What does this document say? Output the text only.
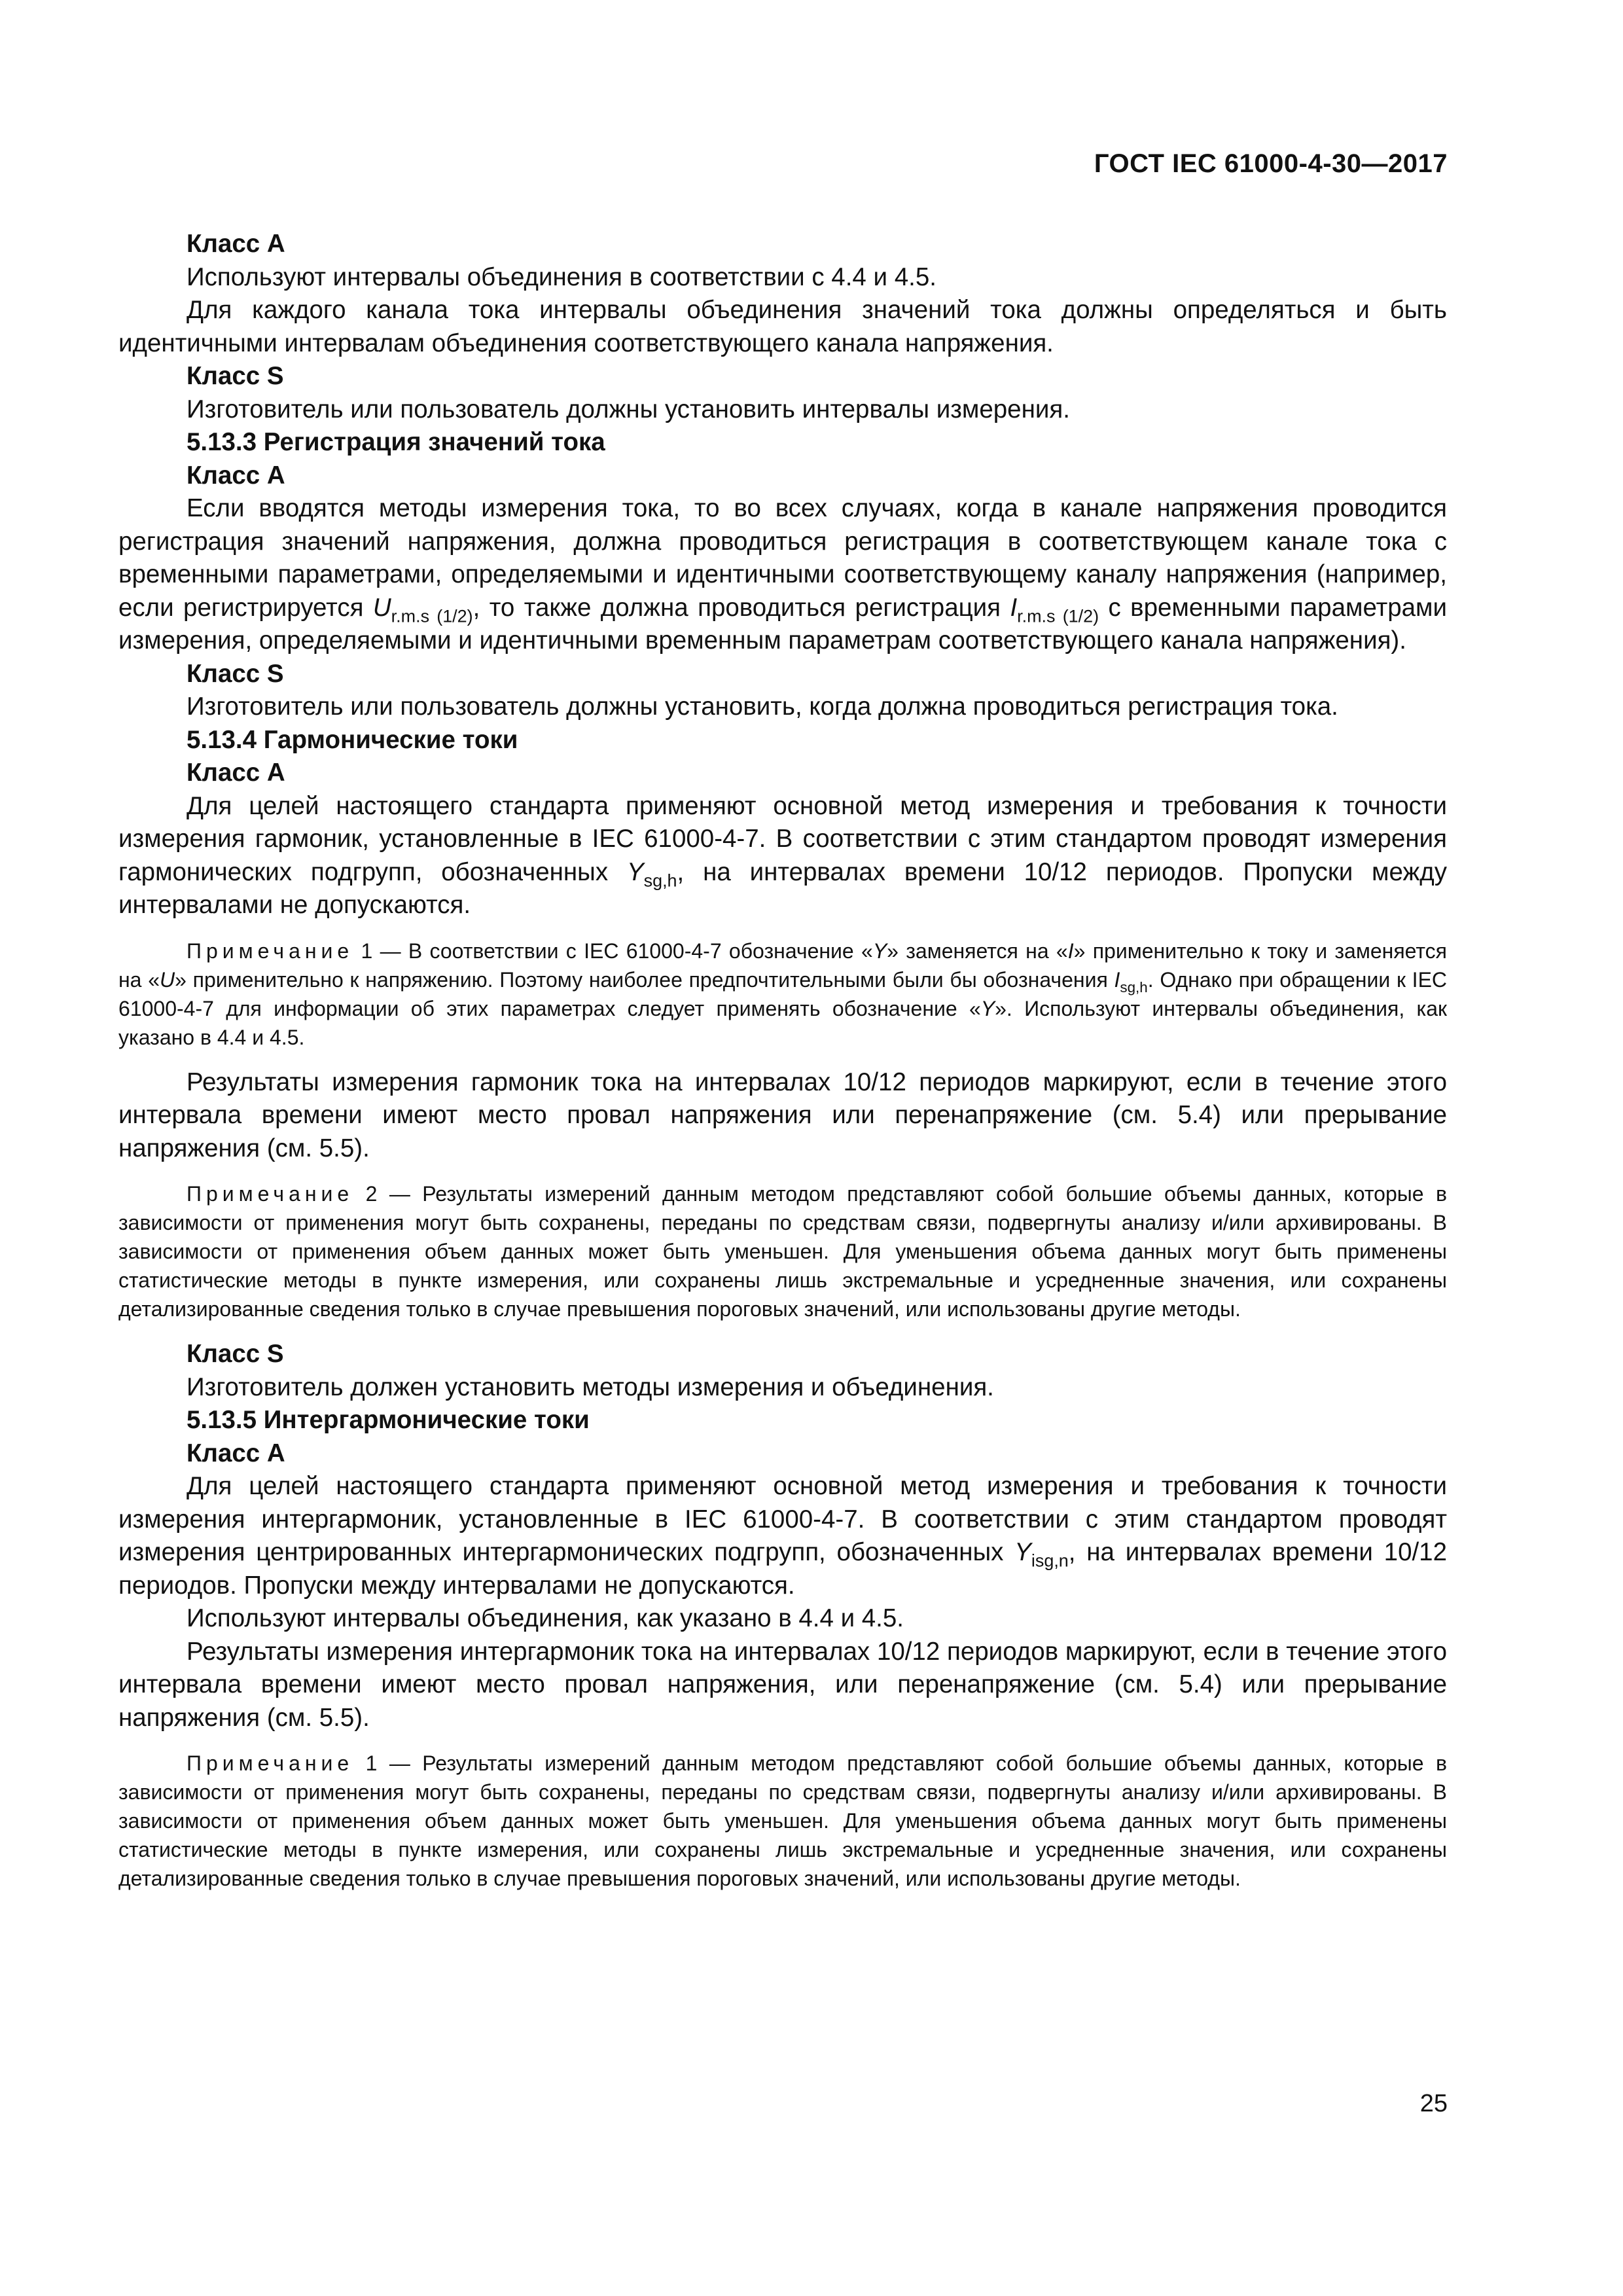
ГОСТ IEC 61000-4-30—2017
Класс А

Используют интервалы объединения в соответствии с 4.4 и 4.5.

Для каждого канала тока интервалы объединения значений тока должны определяться и быть идентичными интервалам объединения соответствующего канала напряжения.

Класс S

Изготовитель или пользователь должны установить интервалы измерения.

5.13.3 Регистрация значений тока
Класс А

Если вводятся методы измерения тока, то во всех случаях, когда в канале напряжения проводится регистрация значений напряжения, должна проводиться регистрация в соответствующем канале тока с временными параметрами, определяемыми и идентичными соответствующему каналу напряжения (например, если регистрируется $U_{r.m.s (1/2)}$, то также должна проводиться регистрация $I_{r.m.s (1/2)}$ с временными параметрами измерения, определяемыми и идентичными временным параметрам соответствующего канала напряжения).

Класс S

Изготовитель или пользователь должны установить, когда должна проводиться регистрация тока.

5.13.4 Гармонические токи
Класс А

Для целей настоящего стандарта применяют основной метод измерения и требования к точности измерения гармоник, установленные в IEC 61000-4-7. В соответствии с этим стандартом проводят измерения гармонических подгрупп, обозначенных $Y_{sg,h}$, на интервалах времени 10/12 периодов. Пропуски между интервалами не допускаются.

Примечание 1 — В соответствии с IEC 61000-4-7 обозначение «Y» заменяется на «I» применительно к току и заменяется на «U» применительно к напряжению. Поэтому наиболее предпочтительными были бы обозначения $I_{sg,h}$. Однако при обращении к IEC 61000-4-7 для информации об этих параметрах следует применять обозначение «Y». Используют интервалы объединения, как указано в 4.4 и 4.5.

Результаты измерения гармоник тока на интервалах 10/12 периодов маркируют, если в течение этого интервала времени имеют место провал напряжения или перенапряжение (см. 5.4) или прерывание напряжения (см. 5.5).

Примечание 2 — Результаты измерений данным методом представляют собой большие объемы данных, которые в зависимости от применения могут быть сохранены, переданы по средствам связи, подвергнуты анализу и/или архивированы. В зависимости от применения объем данных может быть уменьшен. Для уменьшения объема данных могут быть применены статистические методы в пункте измерения, или сохранены лишь экстремальные и усредненные значения, или сохранены детализированные сведения только в случае превышения пороговых значений, или использованы другие методы.

Класс S

Изготовитель должен установить методы измерения и объединения.

5.13.5 Интергармонические токи
Класс А

Для целей настоящего стандарта применяют основной метод измерения и требования к точности измерения интергармоник, установленные в IEC 61000-4-7. В соответствии с этим стандартом проводят измерения центрированных интергармонических подгрупп, обозначенных $Y_{isg,n}$, на интервалах времени 10/12 периодов. Пропуски между интервалами не допускаются.

Используют интервалы объединения, как указано в 4.4 и 4.5.

Результаты измерения интергармоник тока на интервалах 10/12 периодов маркируют, если в течение этого интервала времени имеют место провал напряжения, или перенапряжение (см. 5.4) или прерывание напряжения (см. 5.5).

Примечание 1 — Результаты измерений данным методом представляют собой большие объемы данных, которые в зависимости от применения могут быть сохранены, переданы по средствам связи, подвергнуты анализу и/или архивированы. В зависимости от применения объем данных может быть уменьшен. Для уменьшения объема данных могут быть применены статистические методы в пункте измерения, или сохранены лишь экстремальные и усредненные значения, или сохранены детализированные сведения только в случае превышения пороговых значений, или использованы другие методы.

25
